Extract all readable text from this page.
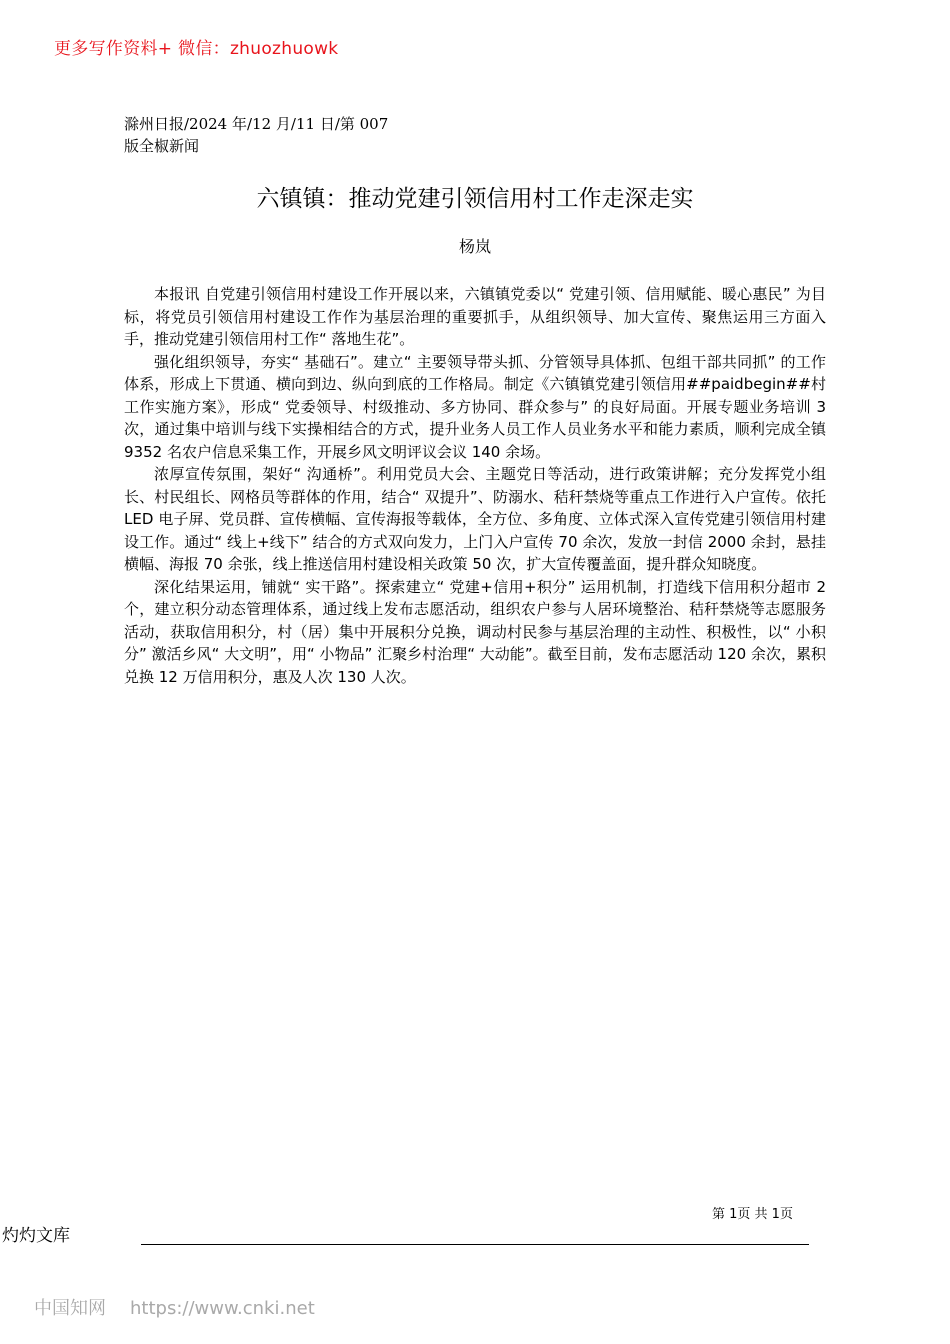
更多写作资料+ 微信：zhuozhuowk
滁州日报/2024 年/12 月/11 日/第 007
版全椒新闻
六镇镇：推动党建引领信用村工作走深走实
杨岚

本报讯 自党建引领信用村建设工作开展以来，六镇镇党委以“ 党建引领、信用赋能、暖心惠民” 为目标，将党员引领信用村建设工作作为基层治理的重要抓手，从组织领导、加大宣传、聚焦运用三方面入手，推动党建引领信用村工作“ 落地生花”。

强化组织领导，夯实“ 基础石”。建立“ 主要领导带头抓、分管领导具体抓、包组干部共同抓” 的工作体系，形成上下贯通、横向到边、纵向到底的工作格局。制定《六镇镇党建引领信用##paidbegin##村工作实施方案》，形成“ 党委领导、村级推动、多方协同、群众参与” 的良好局面。开展专题业务培训 3 次，通过集中培训与线下实操相结合的方式，提升业务人员工作人员业务水平和能力素质，顺利完成全镇 9352 名农户信息采集工作，开展乡风文明评议会议 140 余场。

浓厚宣传氛围，架好“ 沟通桥”。利用党员大会、主题党日等活动，进行政策讲解；充分发挥党小组长、村民组长、网格员等群体的作用，结合“ 双提升”、防溺水、秸秆禁烧等重点工作进行入户宣传。依托 LED 电子屏、党员群、宣传横幅、宣传海报等载体，全方位、多角度、立体式深入宣传党建引领信用村建设工作。通过“ 线上+线下” 结合的方式双向发力，上门入户宣传 70 余次，发放一封信 2000 余封，悬挂横幅、海报 70 余张，线上推送信用村建设相关政策 50 次，扩大宣传覆盖面，提升群众知晓度。

深化结果运用，铺就“ 实干路”。探索建立“ 党建+信用+积分” 运用机制，打造线下信用积分超市 2 个，建立积分动态管理体系，通过线上发布志愿活动，组织农户参与人居环境整治、秸秆禁烧等志愿服务活动，获取信用积分，村（居）集中开展积分兑换，调动村民参与基层治理的主动性、积极性，以“ 小积分” 激活乡风“ 大文明”，用“ 小物品” 汇聚乡村治理“ 大动能”。截至目前，发布志愿活动 120 余次，累积兑换 12 万信用积分，惠及人次 130 人次。

第 1页 共 1页
灼灼文库
中国知网 https://www.cnki.net
